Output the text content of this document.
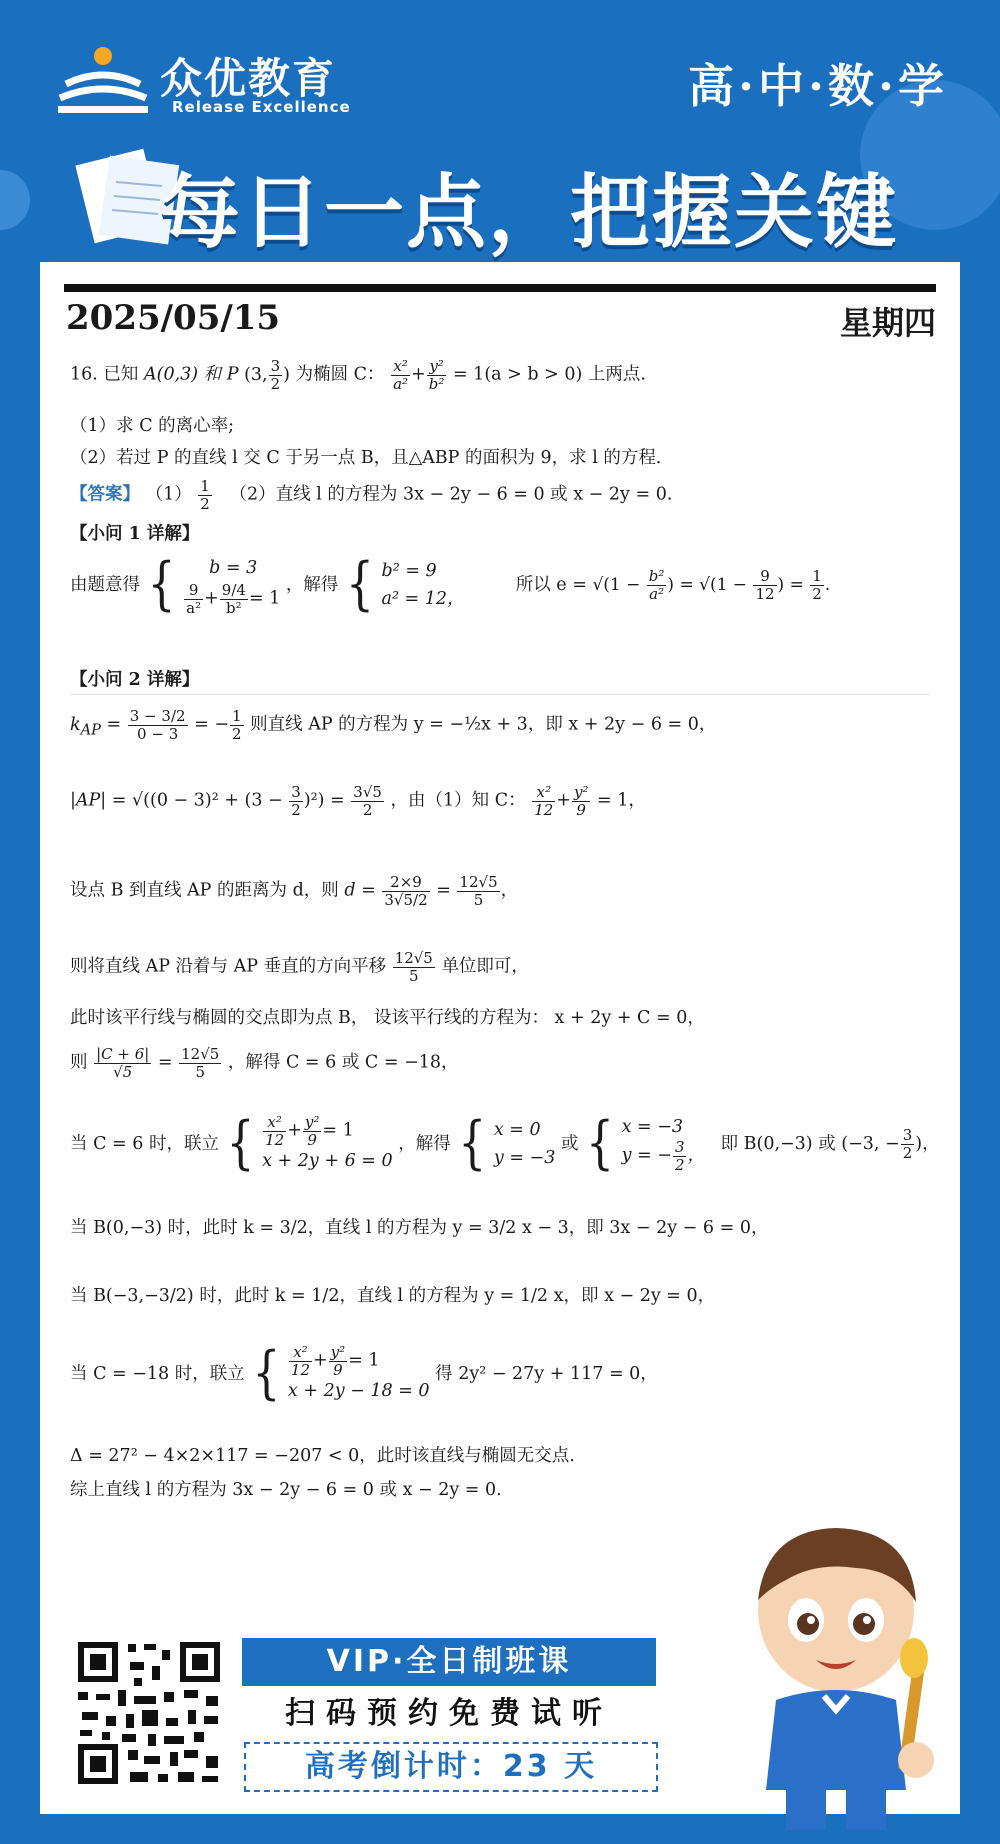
众优教育
Release Excellence	高·中·数·学
每日一点，把握关键
2025/05/15	星期四
16. 已知 A(0,3) 和 P (3, $\frac{3}{2}$ ) 为椭圆 C： $\frac{\text{x²}}{\text{a²}} + \frac{\text{y²}}{\text{b²}} = 1(a > b > 0)$ 上两点.
（1）求 C 的离心率;
（2）若过 P 的直线 l 交 C 于另一点 B，且△ABP 的面积为 9，求 l 的方程．
【答案】 $(1) \frac{1}{2} (2)$直线 l 的方程为 3x − 2y − 6 = 0 或 x − 2y = 0.
【小问 1 详解】
由题意得 {	b = 3
$\frac{9}{\text{a²}} + \frac{9/4}{\text{b²}} = 1$
，解得 { b² = 9
a² = 12，
所以 $e = √(1 - \frac{\text{b²}}{\text{a²}}$ ) = $√(1 - \frac{9}{12}$ ) = $\frac{1}{2}$ .
【小问 2 详解】
$k_{AP} = \frac{3 - 3/2}{0 - 3}$ = − $\frac{1}{2}$ 则直线 AP 的方程为 y = −½x + 3，即 x + 2y − 6 = 0，
$|AP| = √((0 - 3)^2 + (3 - \frac{3}{2} )^2) = \frac{3√5}{2}$ ，由（1）知 C： $\frac{\text{x²}}{12} + \frac{\text{y²}}{9} = 1$，
设点 B 到直线 AP 的距离为 d，则 $d = \frac{2\times 9}{3√5/2} = \frac{12√5}{5}$ ，
则将直线 AP 沿着与 AP 垂直的方向平移 $\frac{12√5}{5}$ 单位即可，
此时该平行线与椭圆的交点即为点 B， 设该平行线的方程为： x + 2y + C = 0，
则 $\frac{|C + 6|}{√5} = \frac{12√5}{5}$ ，解得 C = 6 或 C = −18，
当 C = 6 时，联立 { $\frac{\text{x²}}{12} + \frac{\text{y²}}{9} = 1$
x + 2y + 6 = 0
，解得 { x = 0
y = −3
或 { x = −3
y = − $\frac{3}{2}$ ，
即 B(0,−3) 或 (−3, − $\frac{3}{2}$ )，
当 B(0,−3) 时，此时 k = 3/2，直线 l 的方程为 y = 3/2 x − 3，即 3x − 2y − 6 = 0，
当 B(−3,−3/2) 时，此时 k = 1/2，直线 l 的方程为 y = 1/2 x，即 x − 2y = 0，
当 C = −18 时，联立 { $\frac{\text{x²}}{12} + \frac{\text{y²}}{9} = 1$
x + 2y − 18 = 0
得 2y² − 27y + 117 = 0，
Δ = 27² − 4×2×117 = −207 < 0，此时该直线与椭圆无交点.
综上直线 l 的方程为 3x − 2y − 6 = 0 或 x − 2y = 0.
VIP·全日制班课
扫码预约免费试听
高考倒计时：23 天
